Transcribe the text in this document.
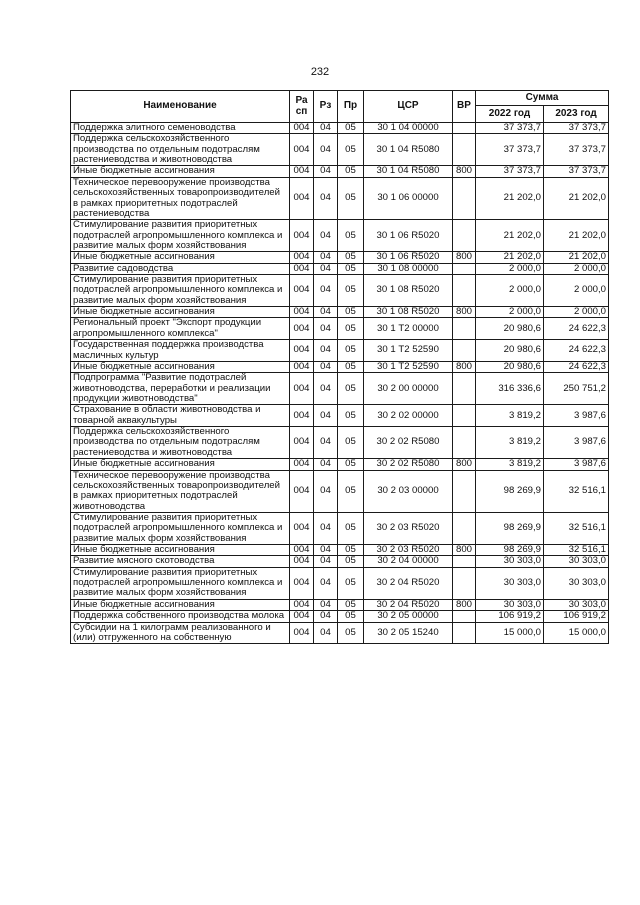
232
Наименование	Ра
сп	Рз	Пр	ЦСР	ВР	Сумма	
						2022 год	2023 год
Поддержка элитного семеноводства	004	04	05	30 1 04 00000		37 373,7	37 373,7
Поддержка сельскохозяйственного производства по отдельным подотраслям растениеводства и животноводства	004	04	05	30 1 04 R5080		37 373,7	37 373,7
Иные бюджетные ассигнования	004	04	05	30 1 04 R5080	800	37 373,7	37 373,7
Техническое перевооружение производства сельскохозяйственных товаропроизводителей в рамках приоритетных подотраслей растениеводства	004	04	05	30 1 06 00000		21 202,0	21 202,0
Стимулирование развития приоритетных подотраслей агропромышленного комплекса и развитие малых форм хозяйствования	004	04	05	30 1 06 R5020		21 202,0	21 202,0
Иные бюджетные ассигнования	004	04	05	30 1 06 R5020	800	21 202,0	21 202,0
Развитие садоводства	004	04	05	30 1 08 00000		2 000,0	2 000,0
Стимулирование развития приоритетных подотраслей агропромышленного комплекса и развитие малых форм хозяйствования	004	04	05	30 1 08 R5020		2 000,0	2 000,0
Иные бюджетные ассигнования	004	04	05	30 1 08 R5020	800	2 000,0	2 000,0
Региональный проект "Экспорт продукции агропромышленного комплекса"	004	04	05	30 1 Т2 00000		20 980,6	24 622,3
Государственная поддержка производства масличных культур	004	04	05	30 1 Т2 52590		20 980,6	24 622,3
Иные бюджетные ассигнования	004	04	05	30 1 Т2 52590	800	20 980,6	24 622,3
Подпрограмма "Развитие подотраслей животноводства, переработки и реализации продукции животноводства"	004	04	05	30 2 00 00000		316 336,6	250 751,2
Страхование в области животноводства и товарной аквакультуры	004	04	05	30 2 02 00000		3 819,2	3 987,6
Поддержка сельскохозяйственного производства по отдельным подотраслям растениеводства и животноводства	004	04	05	30 2 02 R5080		3 819,2	3 987,6
Иные бюджетные ассигнования	004	04	05	30 2 02 R5080	800	3 819,2	3 987,6
Техническое перевооружение производства сельскохозяйственных товаропроизводителей в рамках приоритетных подотраслей животноводства	004	04	05	30 2 03 00000		98 269,9	32 516,1
Стимулирование развития приоритетных подотраслей агропромышленного комплекса и развитие малых форм хозяйствования	004	04	05	30 2 03 R5020		98 269,9	32 516,1
Иные бюджетные ассигнования	004	04	05	30 2 03 R5020	800	98 269,9	32 516,1
Развитие мясного скотоводства	004	04	05	30 2 04 00000		30 303,0	30 303,0
Стимулирование развития приоритетных подотраслей агропромышленного комплекса и развитие малых форм хозяйствования	004	04	05	30 2 04 R5020		30 303,0	30 303,0
Иные бюджетные ассигнования	004	04	05	30 2 04 R5020	800	30 303,0	30 303,0
Поддержка собственного производства молока	004	04	05	30 2 05 00000		106 919,2	106 919,2
Субсидии на 1 килограмм реализованного и (или) отгруженного на собственную	004	04	05	30 2 05 15240		15 000,0	15 000,0
